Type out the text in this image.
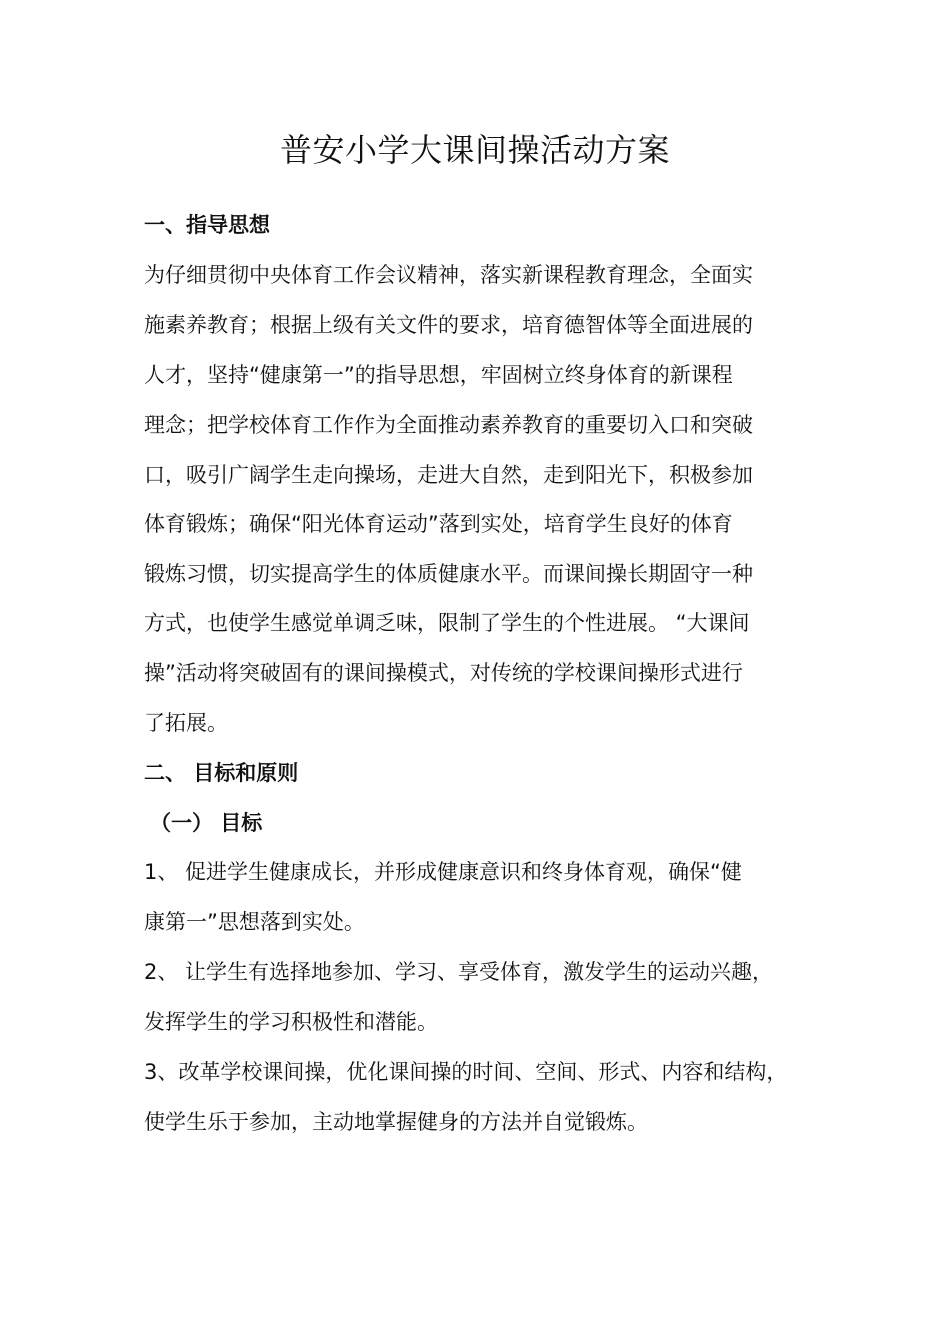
普安小学大课间操活动方案

一、指导思想

为仔细贯彻中央体育工作会议精神，落实新课程教育理念，全面实

施素养教育；根据上级有关文件的要求，培育德智体等全面进展的

人才，坚持“健康第一”的指导思想，牢固树立终身体育的新课程

理念；把学校体育工作作为全面推动素养教育的重要切入口和突破

口，吸引广阔学生走向操场，走进大自然，走到阳光下，积极参加

体育锻炼；确保“阳光体育运动”落到实处，培育学生良好的体育

锻炼习惯，切实提高学生的体质健康水平。而课间操长期固守一种

方式，也使学生感觉单调乏味，限制了学生的个性进展。 “大课间

操”活动将突破固有的课间操模式，对传统的学校课间操形式进行

了拓展。

二、 目标和原则

（一） 目标

1、 促进学生健康成长，并形成健康意识和终身体育观，确保“健

康第一”思想落到实处。

2、 让学生有选择地参加、学习、享受体育，激发学生的运动兴趣，

发挥学生的学习积极性和潜能。

3、改革学校课间操，优化课间操的时间、空间、形式、内容和结构，

使学生乐于参加，主动地掌握健身的方法并自觉锻炼。
